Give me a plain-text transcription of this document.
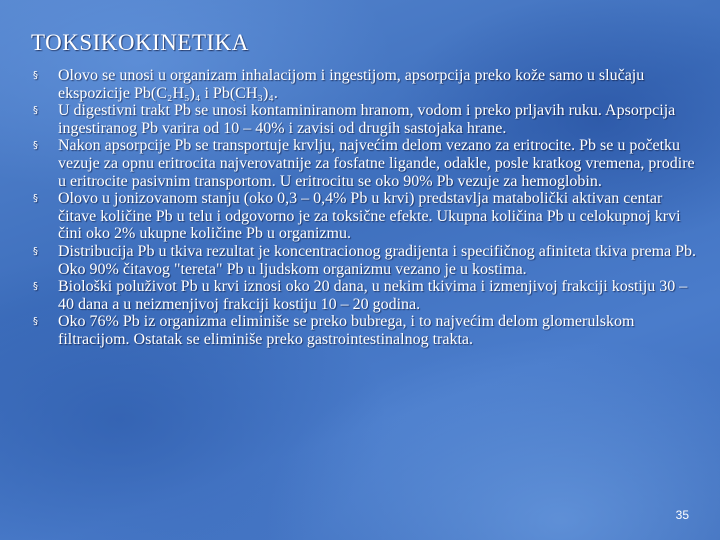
TOKSIKOKINETIKA
§ Olovo se unosi u organizam inhalacijom i ingestijom, apsorpcija preko kože samo u slučaju ekspozicije Pb(C₂H₅)₄ i Pb(CH₃)₄.
§ U digestivni trakt Pb se unosi kontaminiranom hranom, vodom i preko prljavih ruku. Apsorpcija ingestiranog Pb varira od 10 – 40% i zavisi od drugih sastojaka hrane.
§ Nakon apsorpcije Pb se transportuje krvlju, najvećim delom vezano za eritrocite. Pb se u početku vezuje za opnu eritrocita najverovatnije za fosfatne ligande, odakle, posle kratkog vremena, prodire u eritrocite pasivnim transportom. U eritrocitu se oko 90% Pb vezuje za hemoglobin.
§ Olovo u jonizovanom stanju (oko 0,3 – 0,4% Pb u krvi) predstavlja matabolički aktivan centar čitave količine Pb u telu i odgovorno je za toksične efekte. Ukupna količina Pb u celokupnoj krvi čini oko 2% ukupne količine Pb u organizmu.
§ Distribucija Pb u tkiva rezultat je koncentracionog gradijenta i specifičnog afiniteta tkiva prema Pb. Oko 90% čitavog "tereta" Pb u ljudskom organizmu vezano je u kostima.
§ Biološki poluživot Pb u krvi iznosi oko 20 dana, u nekim tkivima i izmenjivoj frakciji kostiju 30 – 40 dana a u neizmenjivoj frakciji kostiju 10 – 20 godina.
§ Oko 76% Pb iz organizma eliminiše se preko bubrega, i to najvećim delom glomerulskom filtracijom. Ostatak se eliminiše preko gastrointestinalnog trakta.
35
